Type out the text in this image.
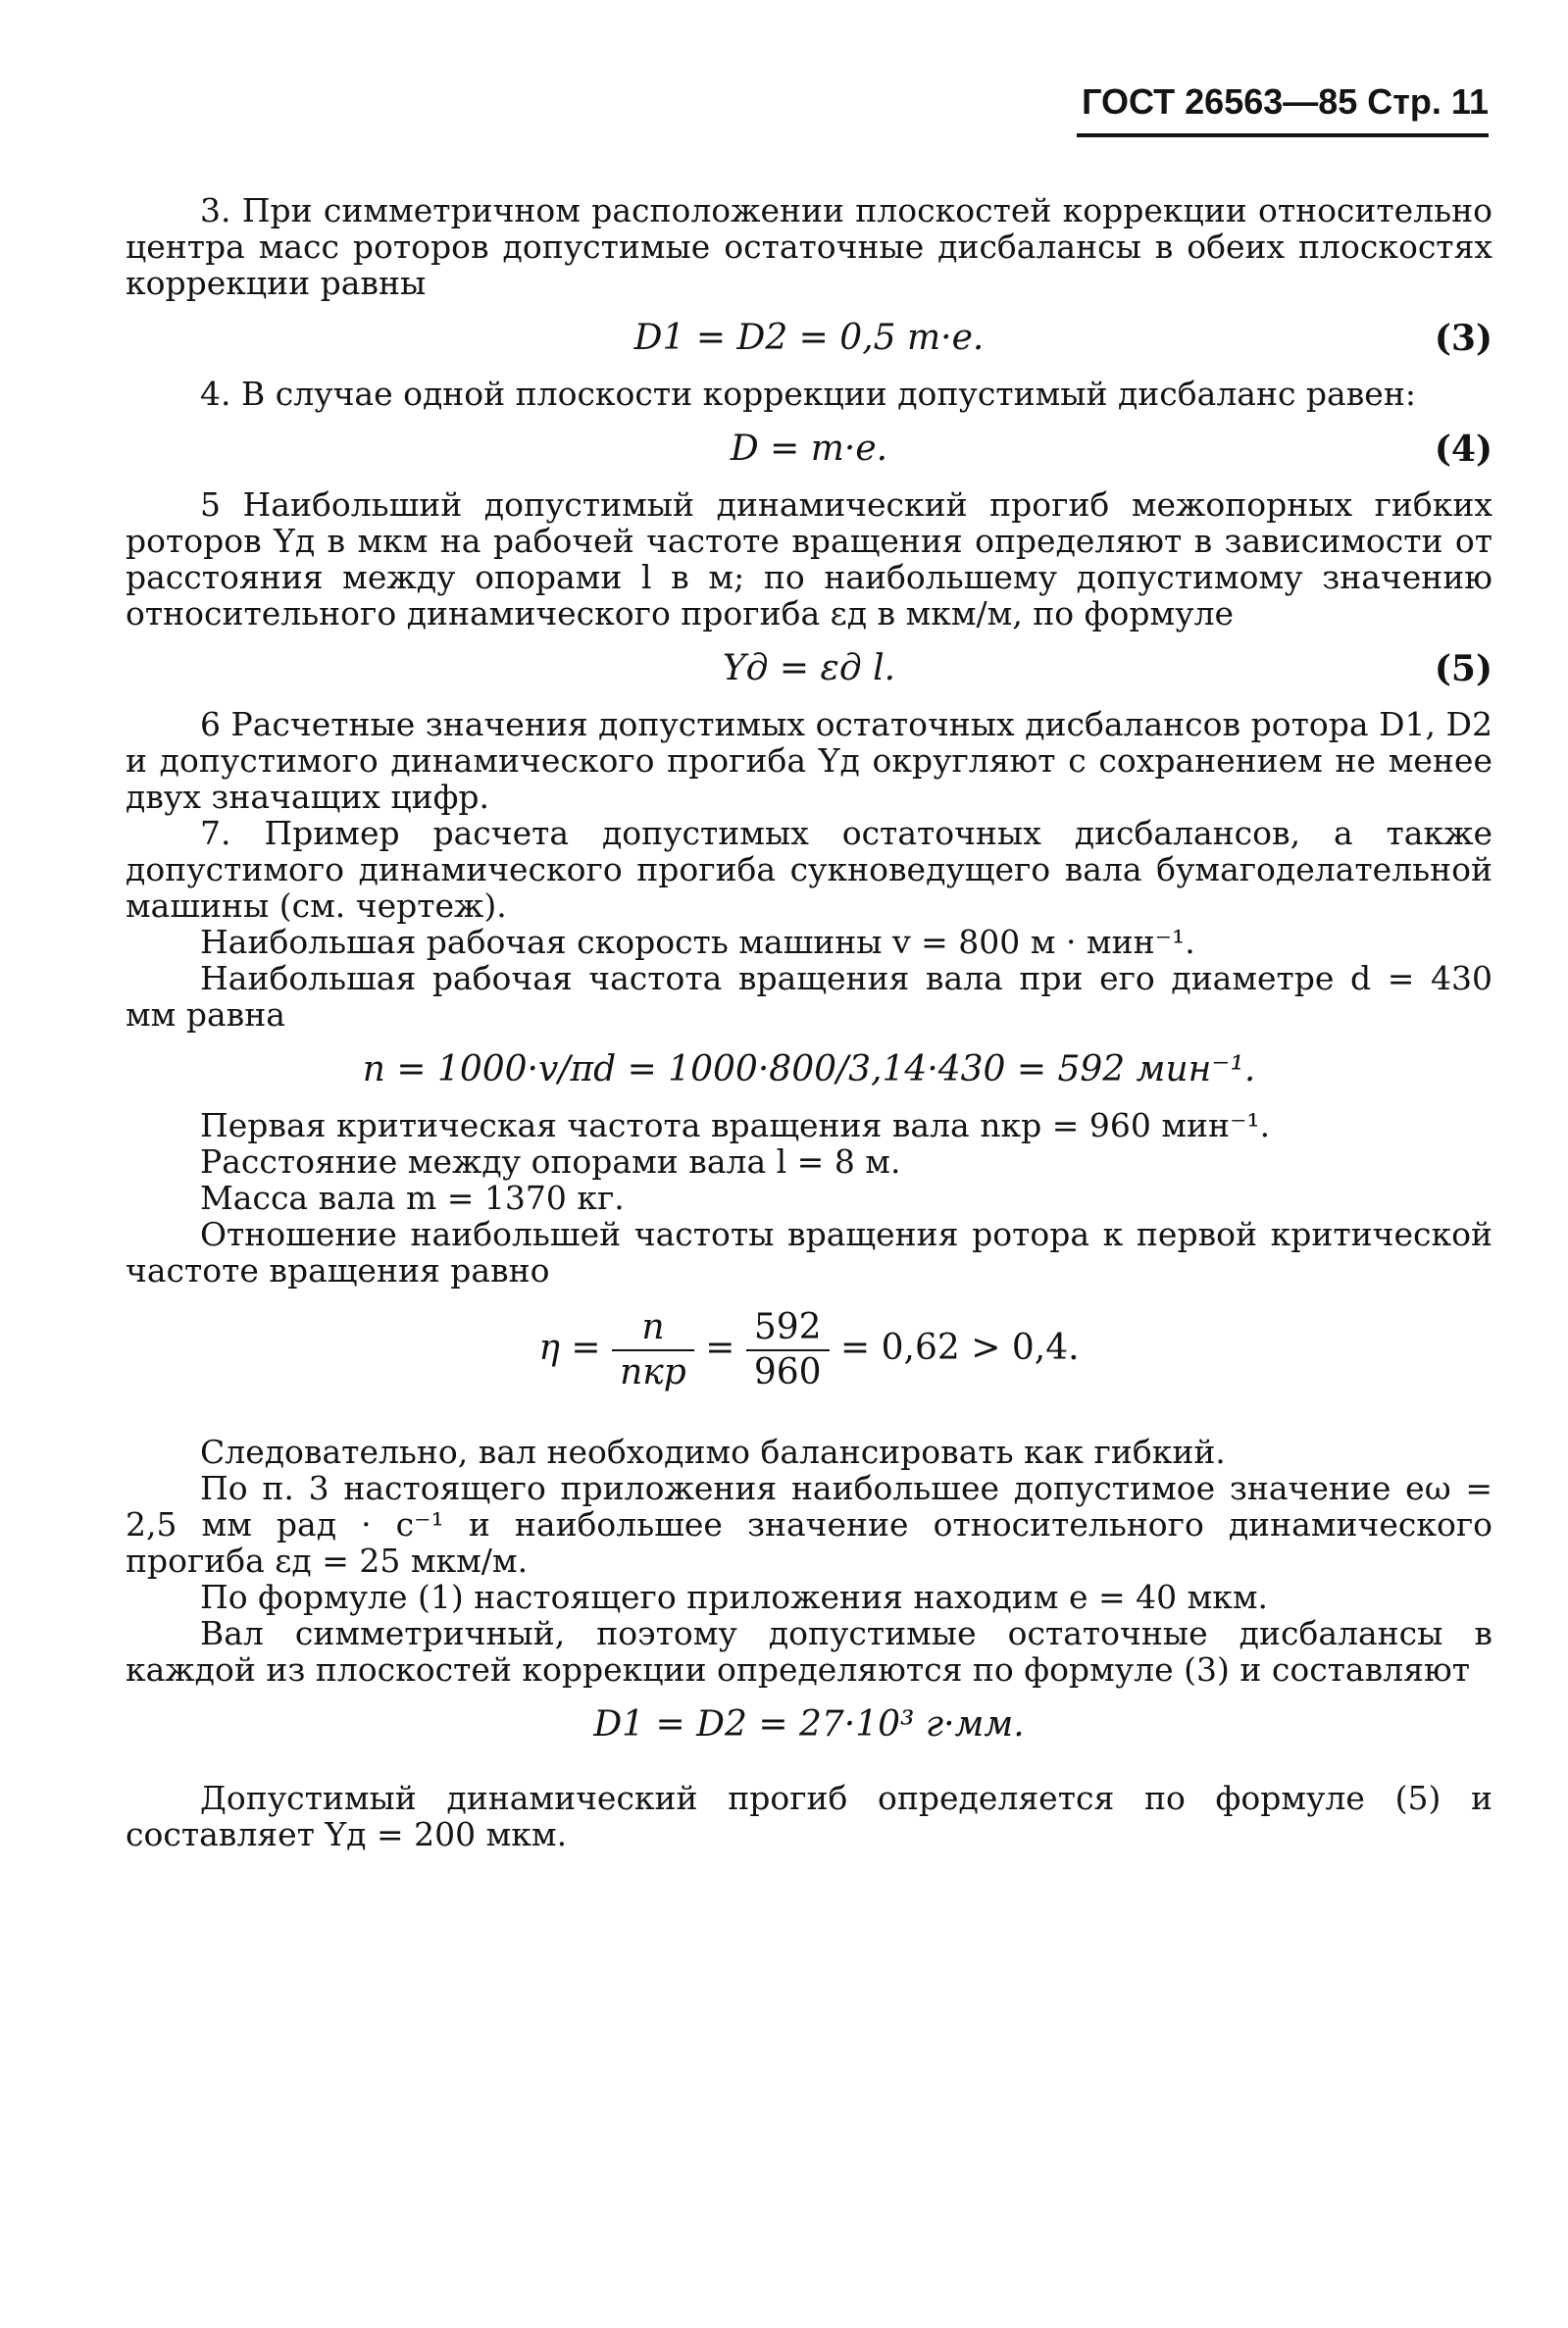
ГОСТ 26563—85 Стр. 11

3. При симметричном расположении плоскостей коррекции относительно центра масс роторов допустимые остаточные дисбалансы в обеих плоскостях коррекции равны

D1 = D2 = 0,5 m·e.	(3)

4. В случае одной плоскости коррекции допустимый дисбаланс равен:

D = m·e.	(4)

5 Наибольший допустимый динамический прогиб межопорных гибких роторов Yд в мкм на рабочей частоте вращения определяют в зависимости от расстояния между опорами l в м; по наибольшему допустимому значению относительного динамического прогиба εд в мкм/м, по формуле

Yд = εд l.	(5)

6 Расчетные значения допустимых остаточных дисбалансов ротора D1, D2 и допустимого динамического прогиба Yд округляют с сохранением не менее двух значащих цифр.

7. Пример расчета допустимых остаточных дисбалансов, а также допустимого динамического прогиба сукноведущего вала бумагоделательной машины (см. чертеж).

Наибольшая рабочая скорость машины v = 800 м · мин⁻¹.

Наибольшая рабочая частота вращения вала при его диаметре d = 430 мм равна

n = 1000·v/πd = 1000·800/3,14·430 = 592 мин⁻¹.

Первая критическая частота вращения вала nкр = 960 мин⁻¹.

Расстояние между опорами вала l = 8 м.

Масса вала m = 1370 кг.

Отношение наибольшей частоты вращения ротора к первой критической частоте вращения равно

$\eta = \frac{n}{\text{nкр}} = \frac{592}{960} = 0,62 > 0,4$.

Следовательно, вал необходимо балансировать как гибкий.

По п. 3 настоящего приложения наибольшее допустимое значение eω = 2,5 мм рад · c⁻¹ и наибольшее значение относительного динамического прогиба εд = 25 мкм/м.

По формуле (1) настоящего приложения находим e = 40 мкм.

Вал симметричный, поэтому допустимые остаточные дисбалансы в каждой из плоскостей коррекции определяются по формуле (3) и составляют

D1 = D2 = 27·10³ г·мм.

Допустимый динамический прогиб определяется по формуле (5) и составляет Yд = 200 мкм.
